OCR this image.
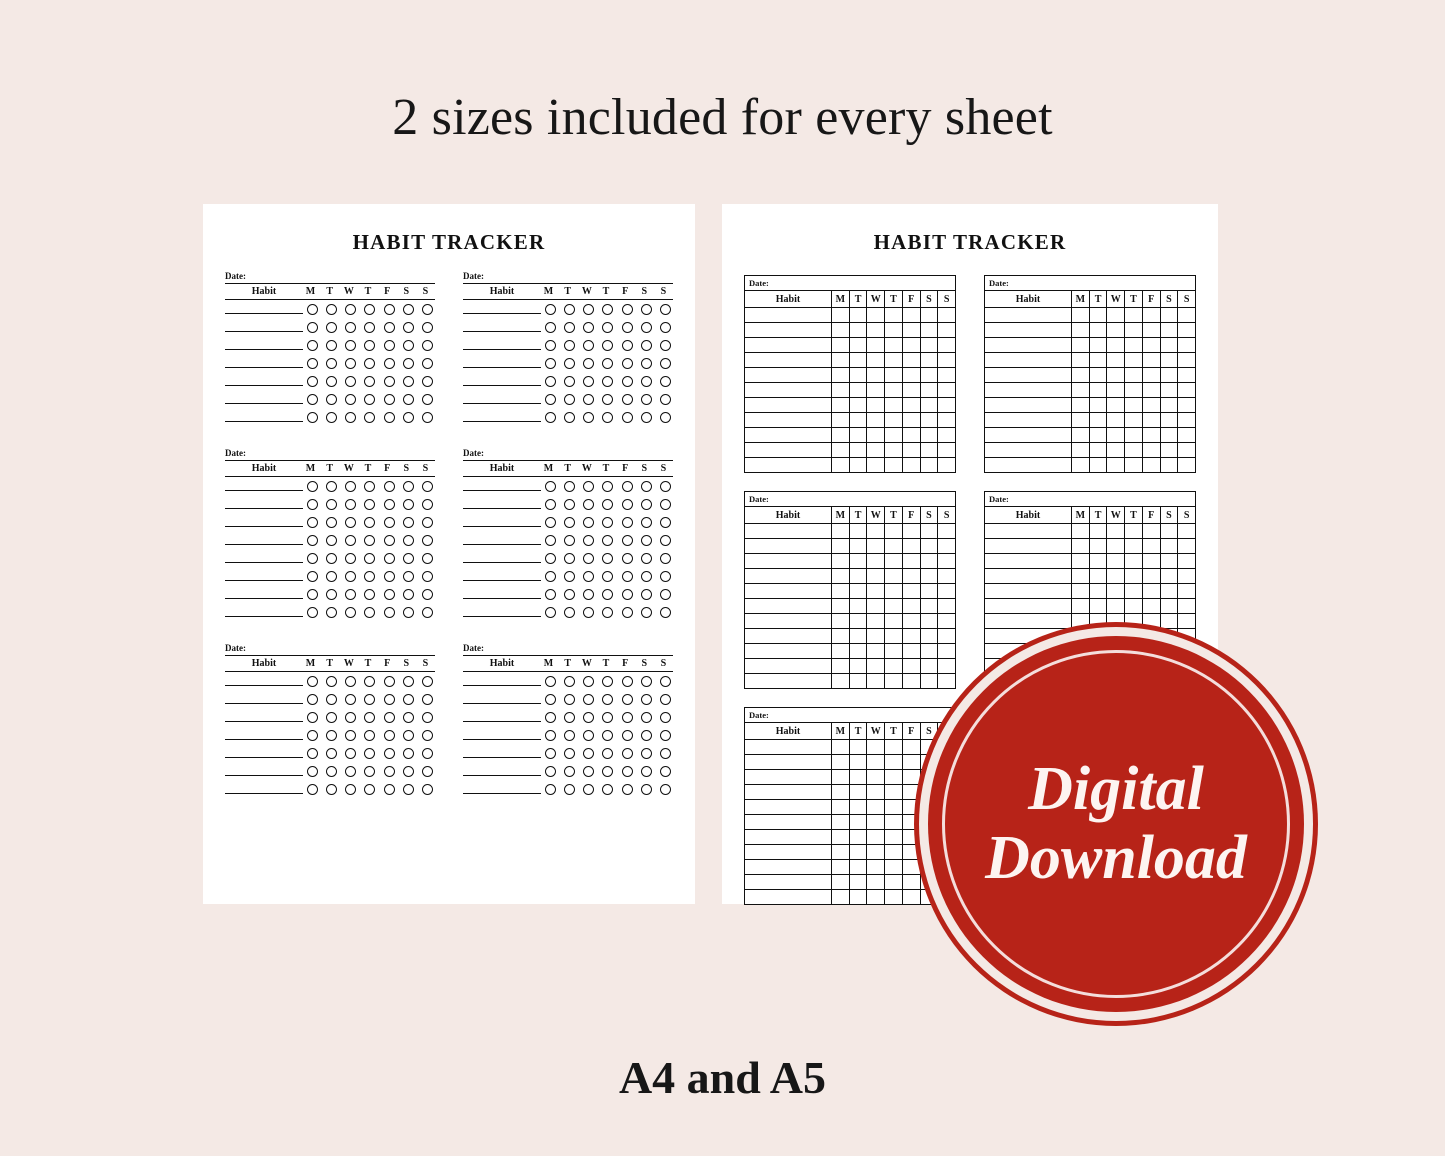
2 sizes included for every sheet
HABIT TRACKER
Date:
Habit	M	T	W	T	F	S	S
Date:
Habit	M	T	W	T	F	S	S
Date:
Habit	M	T	W	T	F	S	S
Date:
Habit	M	T	W	T	F	S	S
Date:
Habit	M	T	W	T	F	S	S
Date:
Habit	M	T	W	T	F	S	S
HABIT TRACKER
Date:
Habit	M	T	W	T	F	S	S

Date:
Habit	M	T	W	T	F	S	S

Date:
Habit	M	T	W	T	F	S	S

Date:
Habit	M	T	W	T	F	S	S

Date:
Habit	M	T	W	T	F	S	S

Digital
Download
A4 and A5
